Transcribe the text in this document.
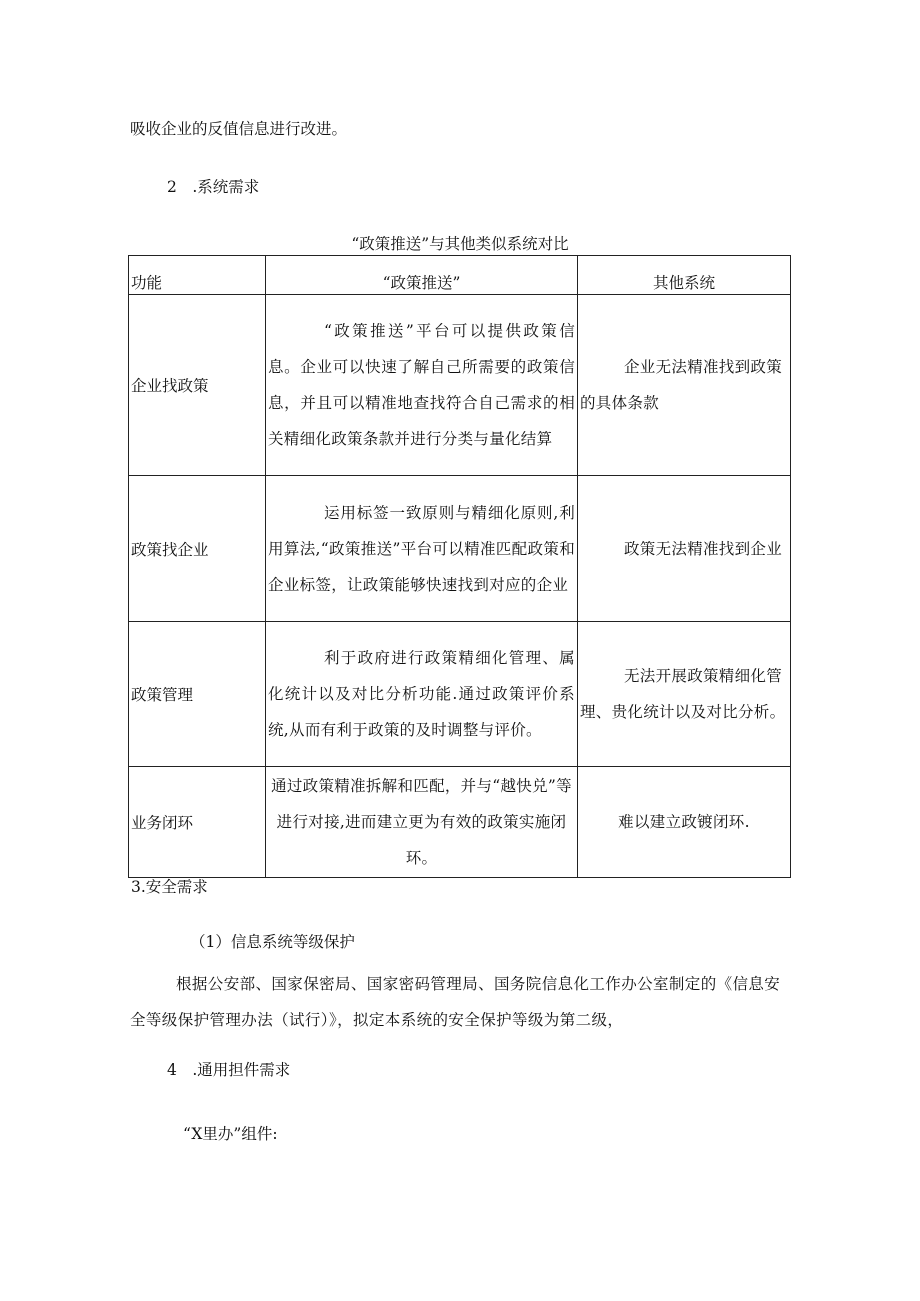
吸收企业的反值信息进行改进。
2　.系统需求
“政策推送”与其他类似系统对比
功能	“政策推送”	其他系统
企业找政策	“政策推送”平台可以提供政策信息。企业可以快速了解自己所需要的政策信息，并且可以精准地查找符合自己需求的相关精细化政策条款并进行分类与量化结算	企业无法精准找到政策的具体条款
政策找企业	运用标签一致原则与精细化原则,利用算法,“政策推送”平台可以精准匹配政策和企业标签，让政策能够快速找到对应的企业	政策无法精准找到企业
政策管理	利于政府进行政策精细化管理、属化统计以及对比分析功能.通过政策评价系统,从而有利于政策的及时调整与评价。	无法开展政策精细化管理、贵化统计以及对比分析。
业务闭环	通过政策精准拆解和匹配，并与“越快兑”等进行对接,进而建立更为有效的政策实施闭环。	难以建立政镀闭环.
3.安全需求
（1）信息系统等级保护
根据公安部、国家保密局、国家密码管理局、国务院信息化工作办公室制定的《信息安全等级保护管理办法（试行）》，拟定本系统的安全保护等级为第二级，
4　.通用担件需求
“X里办”组件:
